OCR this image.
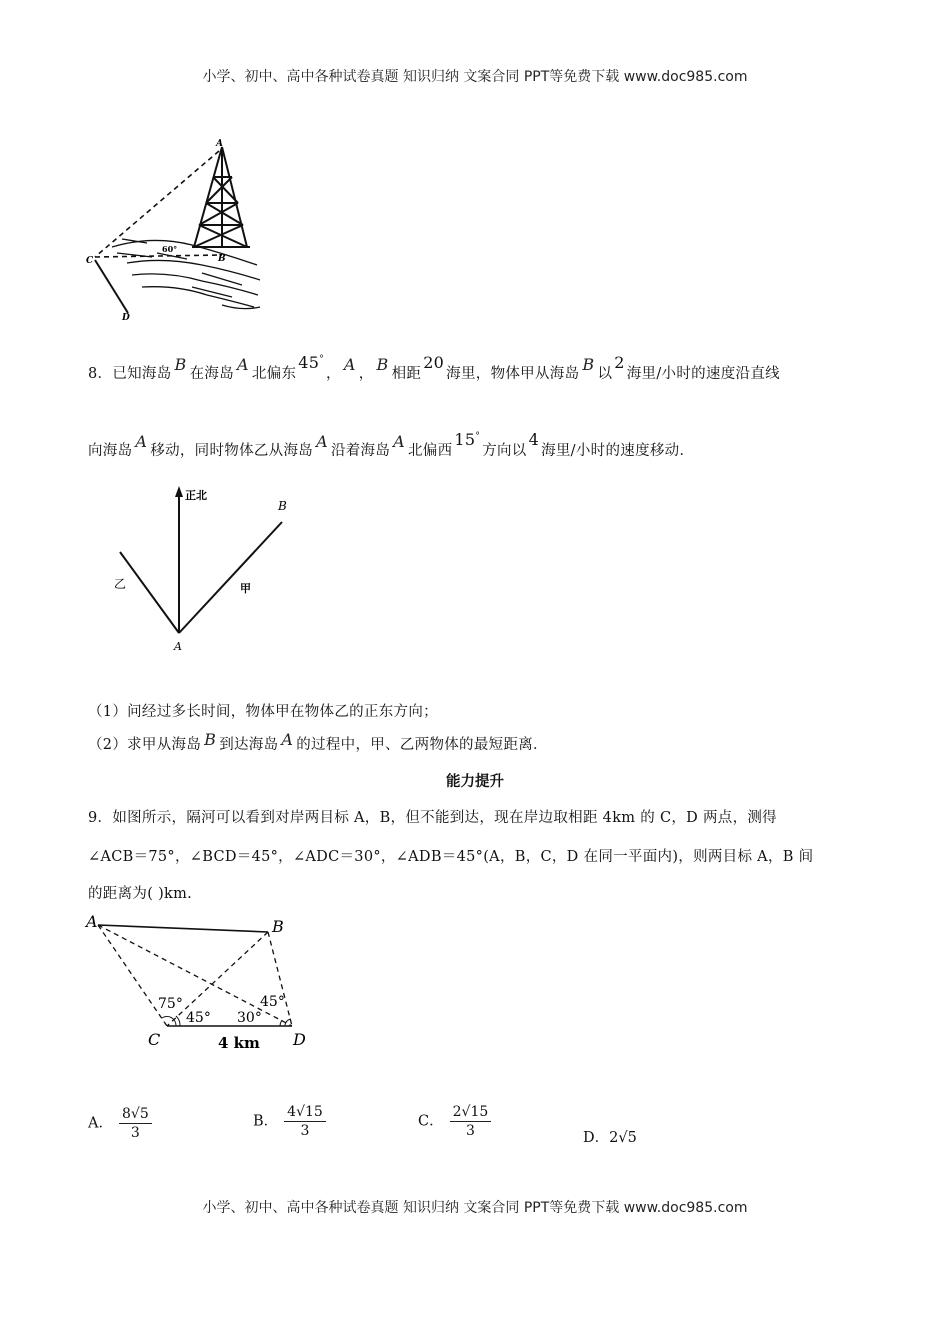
小学、初中、高中各种试卷真题 知识归纳 文案合同 PPT等免费下载 www.doc985.com
A
B
C
D
60°
8．已知海岛 B 在海岛 A 北偏东45°， A ， B 相距20海里，物体甲从海岛 B 以2海里/小时的速度沿直线
向海岛 A 移动，同时物体乙从海岛 A 沿着海岛 A 北偏西15°方向以4海里/小时的速度移动．
正北
B
乙	甲
A
（1）问经过多长时间，物体甲在物体乙的正东方向；
（2）求甲从海岛 B 到达海岛 A 的过程中，甲、乙两物体的最短距离．
能力提升
9．如图所示，隔河可以看到对岸两目标 A，B，但不能到达，现在岸边取相距 4km 的 C，D 两点，测得
∠ACB＝75°，∠BCD＝45°，∠ADC＝30°，∠ADB＝45°(A，B，C，D 在同一平面内)，则两目标 A，B 间
的距离为( )km.
A	B
C	D
75°
45° 30°
45°
4 km
A． $\frac{8√5}{3}$	B． $\frac{4√15}{3}$	C． $\frac{2√15}{3}$	D．2√5
小学、初中、高中各种试卷真题 知识归纳 文案合同 PPT等免费下载 www.doc985.com
